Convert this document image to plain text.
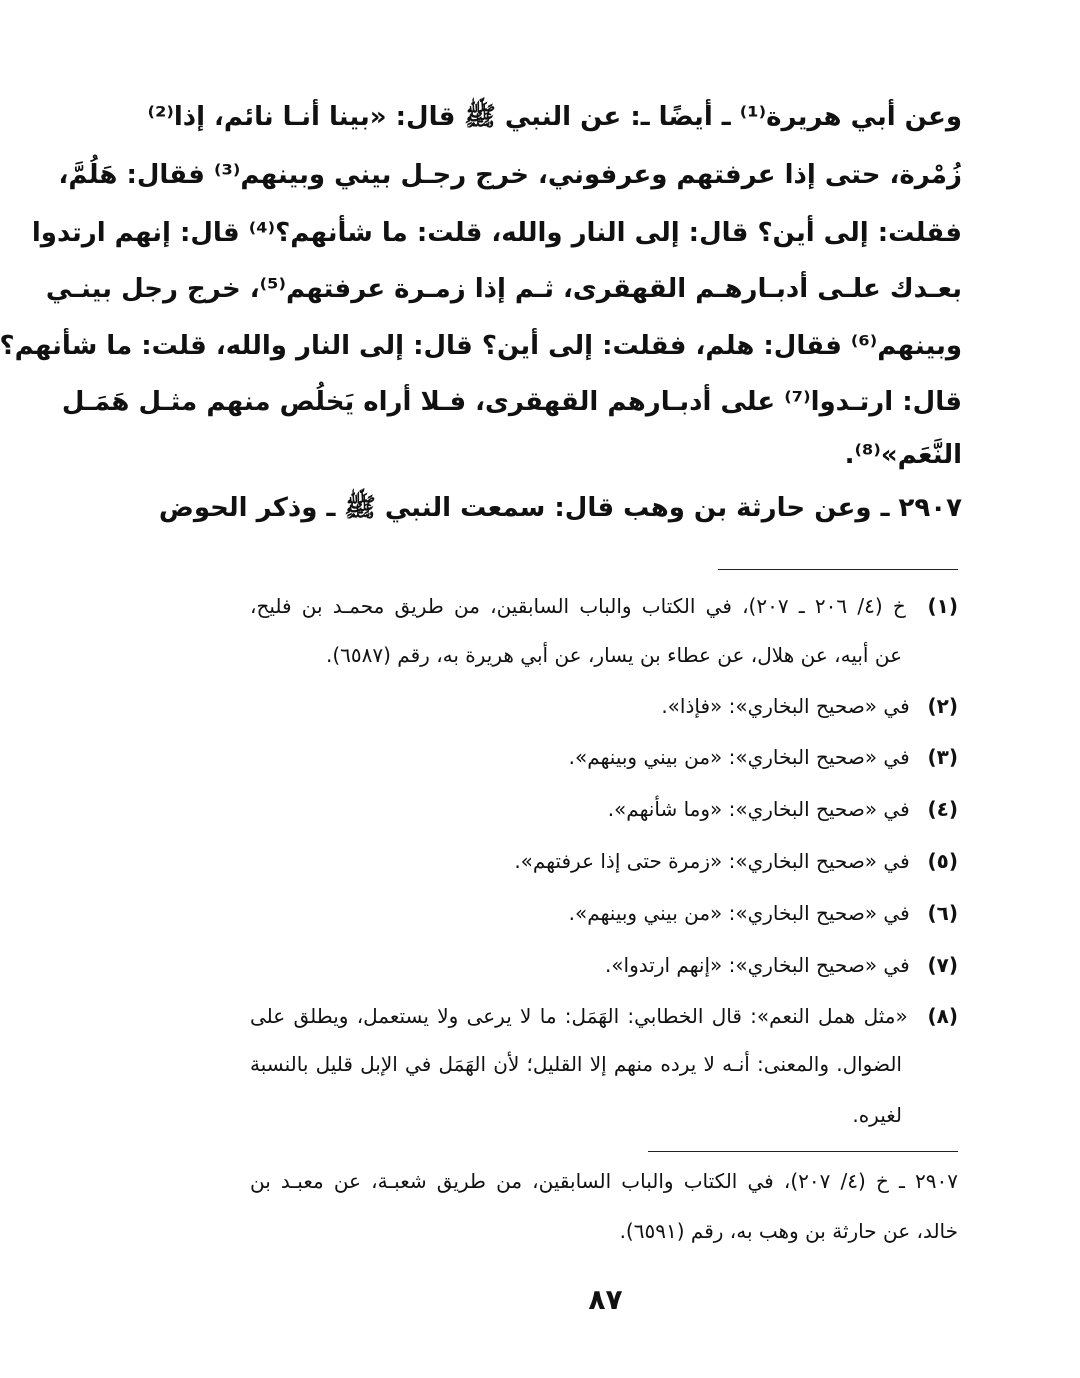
وعن أبي هريرة⁽¹⁾ ـ أيضًا ـ: عن النبي ﷺ قال: «بينا أنـا نائم، إذا⁽²⁾
زُمْرة، حتى إذا عرفتهم وعرفوني، خرج رجـل بيني وبينهم⁽³⁾ فقال: هَلُمَّ،
فقلت: إلى أين؟ قال: إلى النار والله، قلت: ما شأنهم؟⁽⁴⁾ قال: إنهم ارتدوا
بعـدك علـى أدبـارهـم القهقرى، ثـم إذا زمـرة عرفتهم⁽⁵⁾، خرج رجل بينـي
وبينهم⁽⁶⁾ فقال: هلم، فقلت: إلى أين؟ قال: إلى النار والله، قلت: ما شأنهم؟
قال: ارتـدوا⁽⁷⁾ على أدبـارهم القهقرى، فـلا أراه يَخلُص منهم مثـل هَمَـل
النَّعَم»⁽⁸⁾.
٢٩٠٧ ـ وعن حارثة بن وهب قال: سمعت النبي ﷺ ـ وذكر الحوض
(١) خ (٤/ ٢٠٦ ـ ٢٠٧)، في الكتاب والباب السابقين، من طريق محمـد بن فليح،
عن أبيه، عن هلال، عن عطاء بن يسار، عن أبي هريرة به، رقم (٦٥٨٧).
(٢) في «صحيح البخاري»: «فإذا».
(٣) في «صحيح البخاري»: «من بيني وبينهم».
(٤) في «صحيح البخاري»: «وما شأنهم».
(٥) في «صحيح البخاري»: «زمرة حتى إذا عرفتهم».
(٦) في «صحيح البخاري»: «من بيني وبينهم».
(٧) في «صحيح البخاري»: «إنهم ارتدوا».
(٨) «مثل همل النعم»: قال الخطابي: الهَمَل: ما لا يرعى ولا يستعمل، ويطلق على
الضوال. والمعنى: أنـه لا يرده منهم إلا القليل؛ لأن الهَمَل في الإبل قليل بالنسبة
لغيره.
٢٩٠٧ ـ خ (٤/ ٢٠٧)، في الكتاب والباب السابقين، من طريق شعبـة، عن معبـد بن
خالد، عن حارثة بن وهب به، رقم (٦٥٩١).
٨٧
